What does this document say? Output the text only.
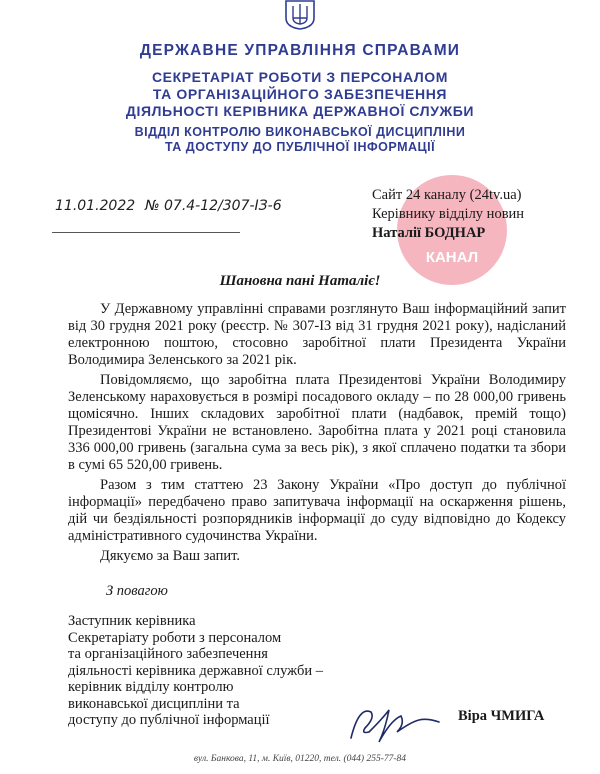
ДЕРЖАВНЕ УПРАВЛІННЯ СПРАВАМИ
СЕКРЕТАРІАТ РОБОТИ З ПЕРСОНАЛОМ
ТА ОРГАНІЗАЦІЙНОГО ЗАБЕЗПЕЧЕННЯ
ДІЯЛЬНОСТІ КЕРІВНИКА ДЕРЖАВНОЇ СЛУЖБИ
ВІДДІЛ КОНТРОЛЮ ВИКОНАВСЬКОЇ ДИСЦИПЛІНИ
ТА ДОСТУПУ ДО ПУБЛІЧНОЇ ІНФОРМАЦІЇ
11.01.2022 № 07.4-12/307-ІЗ-6
КАНАЛ
Сайт 24 каналу (24tv.ua)
Керівнику відділу новин
Наталії БОДНАР
Шановна пані Наталіє!

У Державному управлінні справами розглянуто Ваш інформаційний запит від 30 грудня 2021 року (реєстр. № 307-ІЗ від 31 грудня 2021 року), надісланий електронною поштою, стосовно заробітної плати Президента України Володимира Зеленського за 2021 рік.

Повідомляємо, що заробітна плата Президентові України Володимиру Зеленському нараховується в розмірі посадового окладу – по 28 000,00 гривень щомісячно. Інших складових заробітної плати (надбавок, премій тощо) Президентові України не встановлено. Заробітна плата у 2021 році становила 336 000,00 гривень (загальна сума за весь рік), з якої сплачено податки та збори в сумі 65 520,00 гривень.

Разом з тим статтею 23 Закону України «Про доступ до публічної інформації» передбачено право запитувача інформації на оскарження рішень, дій чи бездіяльності розпорядників інформації до суду відповідно до Кодексу адміністративного судочинства України.

Дякуємо за Ваш запит.

З повагою
Заступник керівника
Секретаріату роботи з персоналом
та організаційного забезпечення
діяльності керівника державної служби –
керівник відділу контролю
виконавської дисципліни та
доступу до публічної інформації	Віра ЧМИГА
вул. Банкова, 11, м. Київ, 01220, тел. (044) 255-77-84
